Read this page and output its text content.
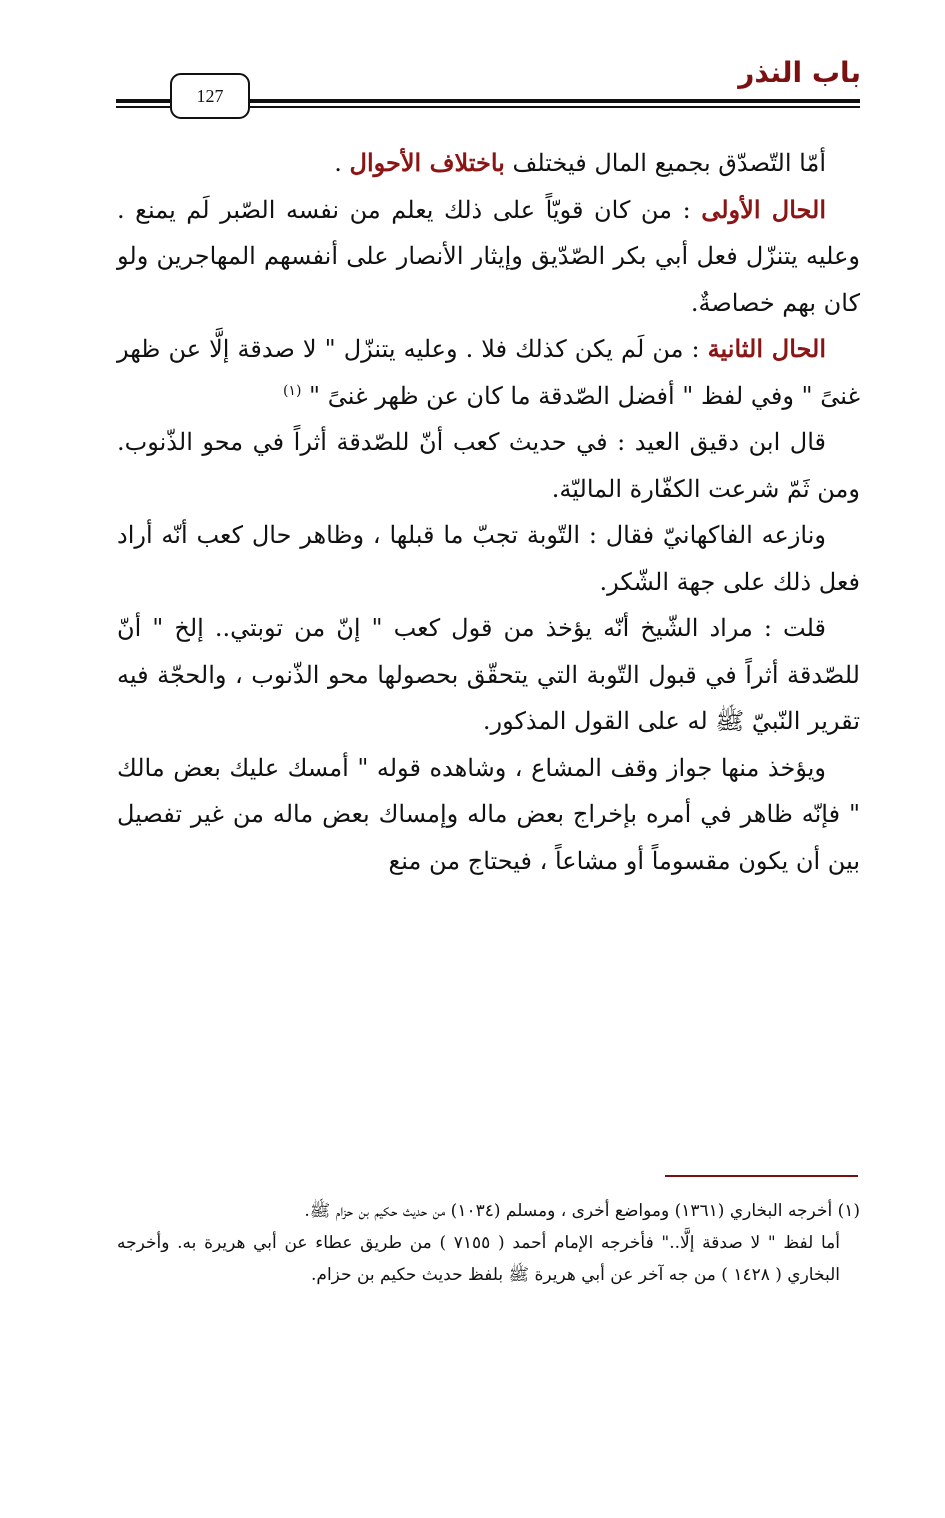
باب النذر
127

أمّا التّصدّق بجميع المال فيختلف باختلاف الأحوال .

الحال الأولى : من كان قويّاً على ذلك يعلم من نفسه الصّبر لَم يمنع . وعليه يتنزّل فعل أبي بكر الصّدّيق وإيثار الأنصار على أنفسهم المهاجرين ولو كان بهم خصاصةٌ.

الحال الثانية : من لَم يكن كذلك فلا . وعليه يتنزّل " لا صدقة إلَّا عن ظهر غنىً " وفي لفظ " أفضل الصّدقة ما كان عن ظهر غنىً " $^{(١)}$

قال ابن دقيق العيد : في حديث كعب أنّ للصّدقة أثراً في محو الذّنوب. ومن ثَمّ شرعت الكفّارة الماليّة.

ونازعه الفاكهانيّ فقال : التّوبة تجبّ ما قبلها ، وظاهر حال كعب أنّه أراد فعل ذلك على جهة الشّكر.

قلت : مراد الشّيخ أنّه يؤخذ من قول كعب " إنّ من توبتي.. إلخ " أنّ للصّدقة أثراً في قبول التّوبة التي يتحقّق بحصولها محو الذّنوب ، والحجّة فيه تقرير النّبيّ ﷺ له على القول المذكور.

ويؤخذ منها جواز وقف المشاع ، وشاهده قوله " أمسك عليك بعض مالك " فإنّه ظاهر في أمره بإخراج بعض ماله وإمساك بعض ماله من غير تفصيل بين أن يكون مقسوماً أو مشاعاً ، فيحتاج من منع

(١) أخرجه البخاري (١٣٦١) ومواضع أخرى ، ومسلم (١٠٣٤) من حديث حكيم بن حزام ﷺ.

أما لفظ " لا صدقة إلَّا.." فأخرجه الإمام أحمد ( ٧١٥٥ ) من طريق عطاء عن أبي هريرة به. وأخرجه البخاري ( ١٤٢٨ ) من جه آخر عن أبي هريرة ﷺ بلفظ حديث حكيم بن حزام.
